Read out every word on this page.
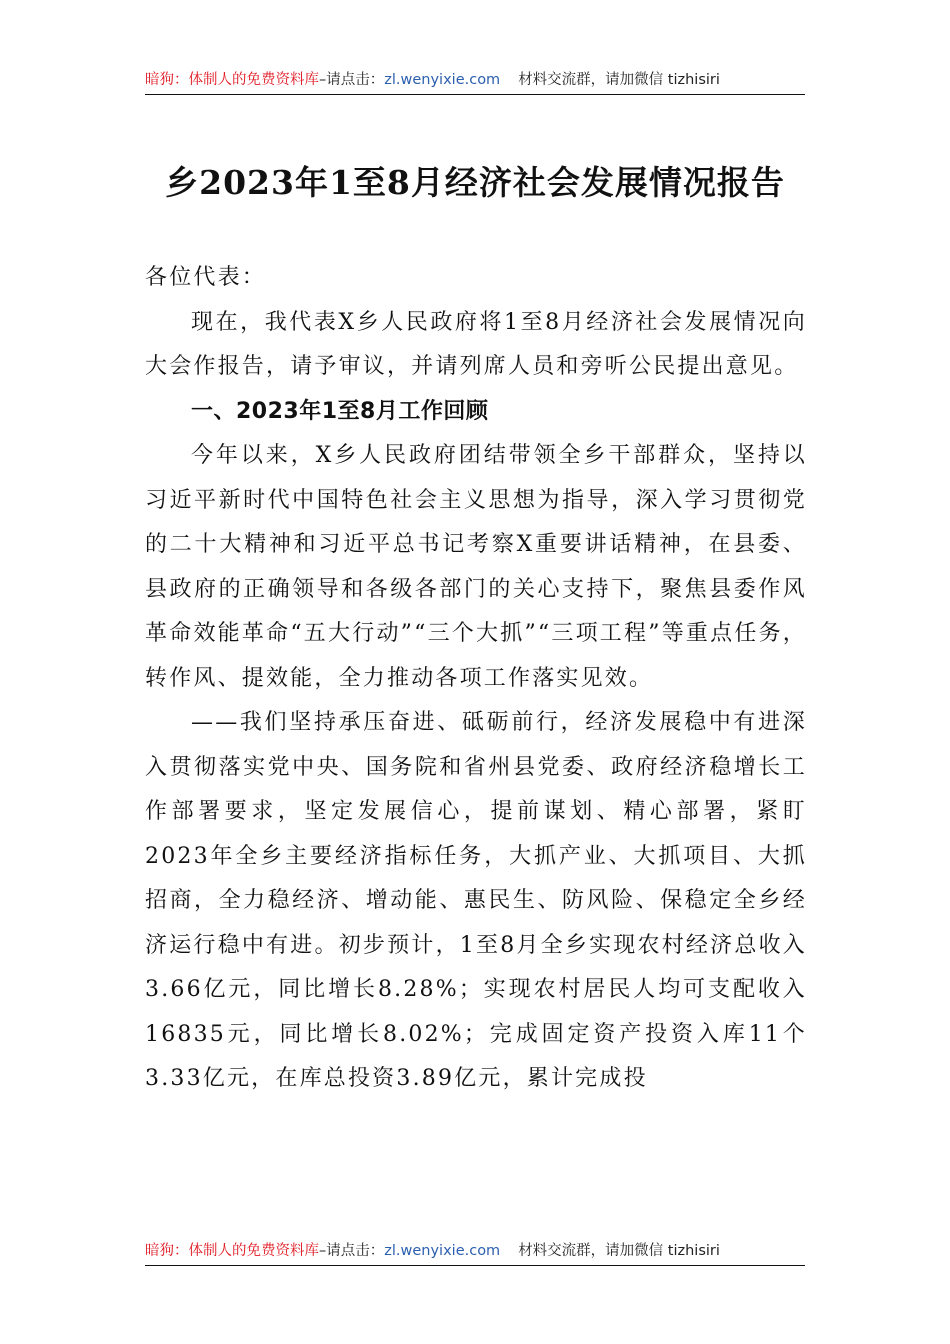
暗狗：体制人的免费资料库–请点击：zl.wenyixie.com 材料交流群，请加微信 tizhisiri
乡2023年1至8月经济社会发展情况报告

各位代表：

现在，我代表X乡人民政府将1至8月经济社会发展情况向大会作报告，请予审议，并请列席人员和旁听公民提出意见。

一、2023年1至8月工作回顾

今年以来，X乡人民政府团结带领全乡干部群众，坚持以习近平新时代中国特色社会主义思想为指导，深入学习贯彻党的二十大精神和习近平总书记考察X重要讲话精神，在县委、县政府的正确领导和各级各部门的关心支持下，聚焦县委作风革命效能革命“五大行动”“三个大抓”“三项工程”等重点任务，转作风、提效能，全力推动各项工作落实见效。

——我们坚持承压奋进、砥砺前行，经济发展稳中有进深入贯彻落实党中央、国务院和省州县党委、政府经济稳增长工作部署要求，坚定发展信心，提前谋划、精心部署，紧盯2023年全乡主要经济指标任务，大抓产业、大抓项目、大抓招商，全力稳经济、增动能、惠民生、防风险、保稳定全乡经济运行稳中有进。初步预计，1至8月全乡实现农村经济总收入3.66亿元，同比增长8.28%；实现农村居民人均可支配收入16835元，同比增长8.02%；完成固定资产投资入库11个3.33亿元，在库总投资3.89亿元，累计完成投

暗狗：体制人的免费资料库–请点击：zl.wenyixie.com 材料交流群，请加微信 tizhisiri
